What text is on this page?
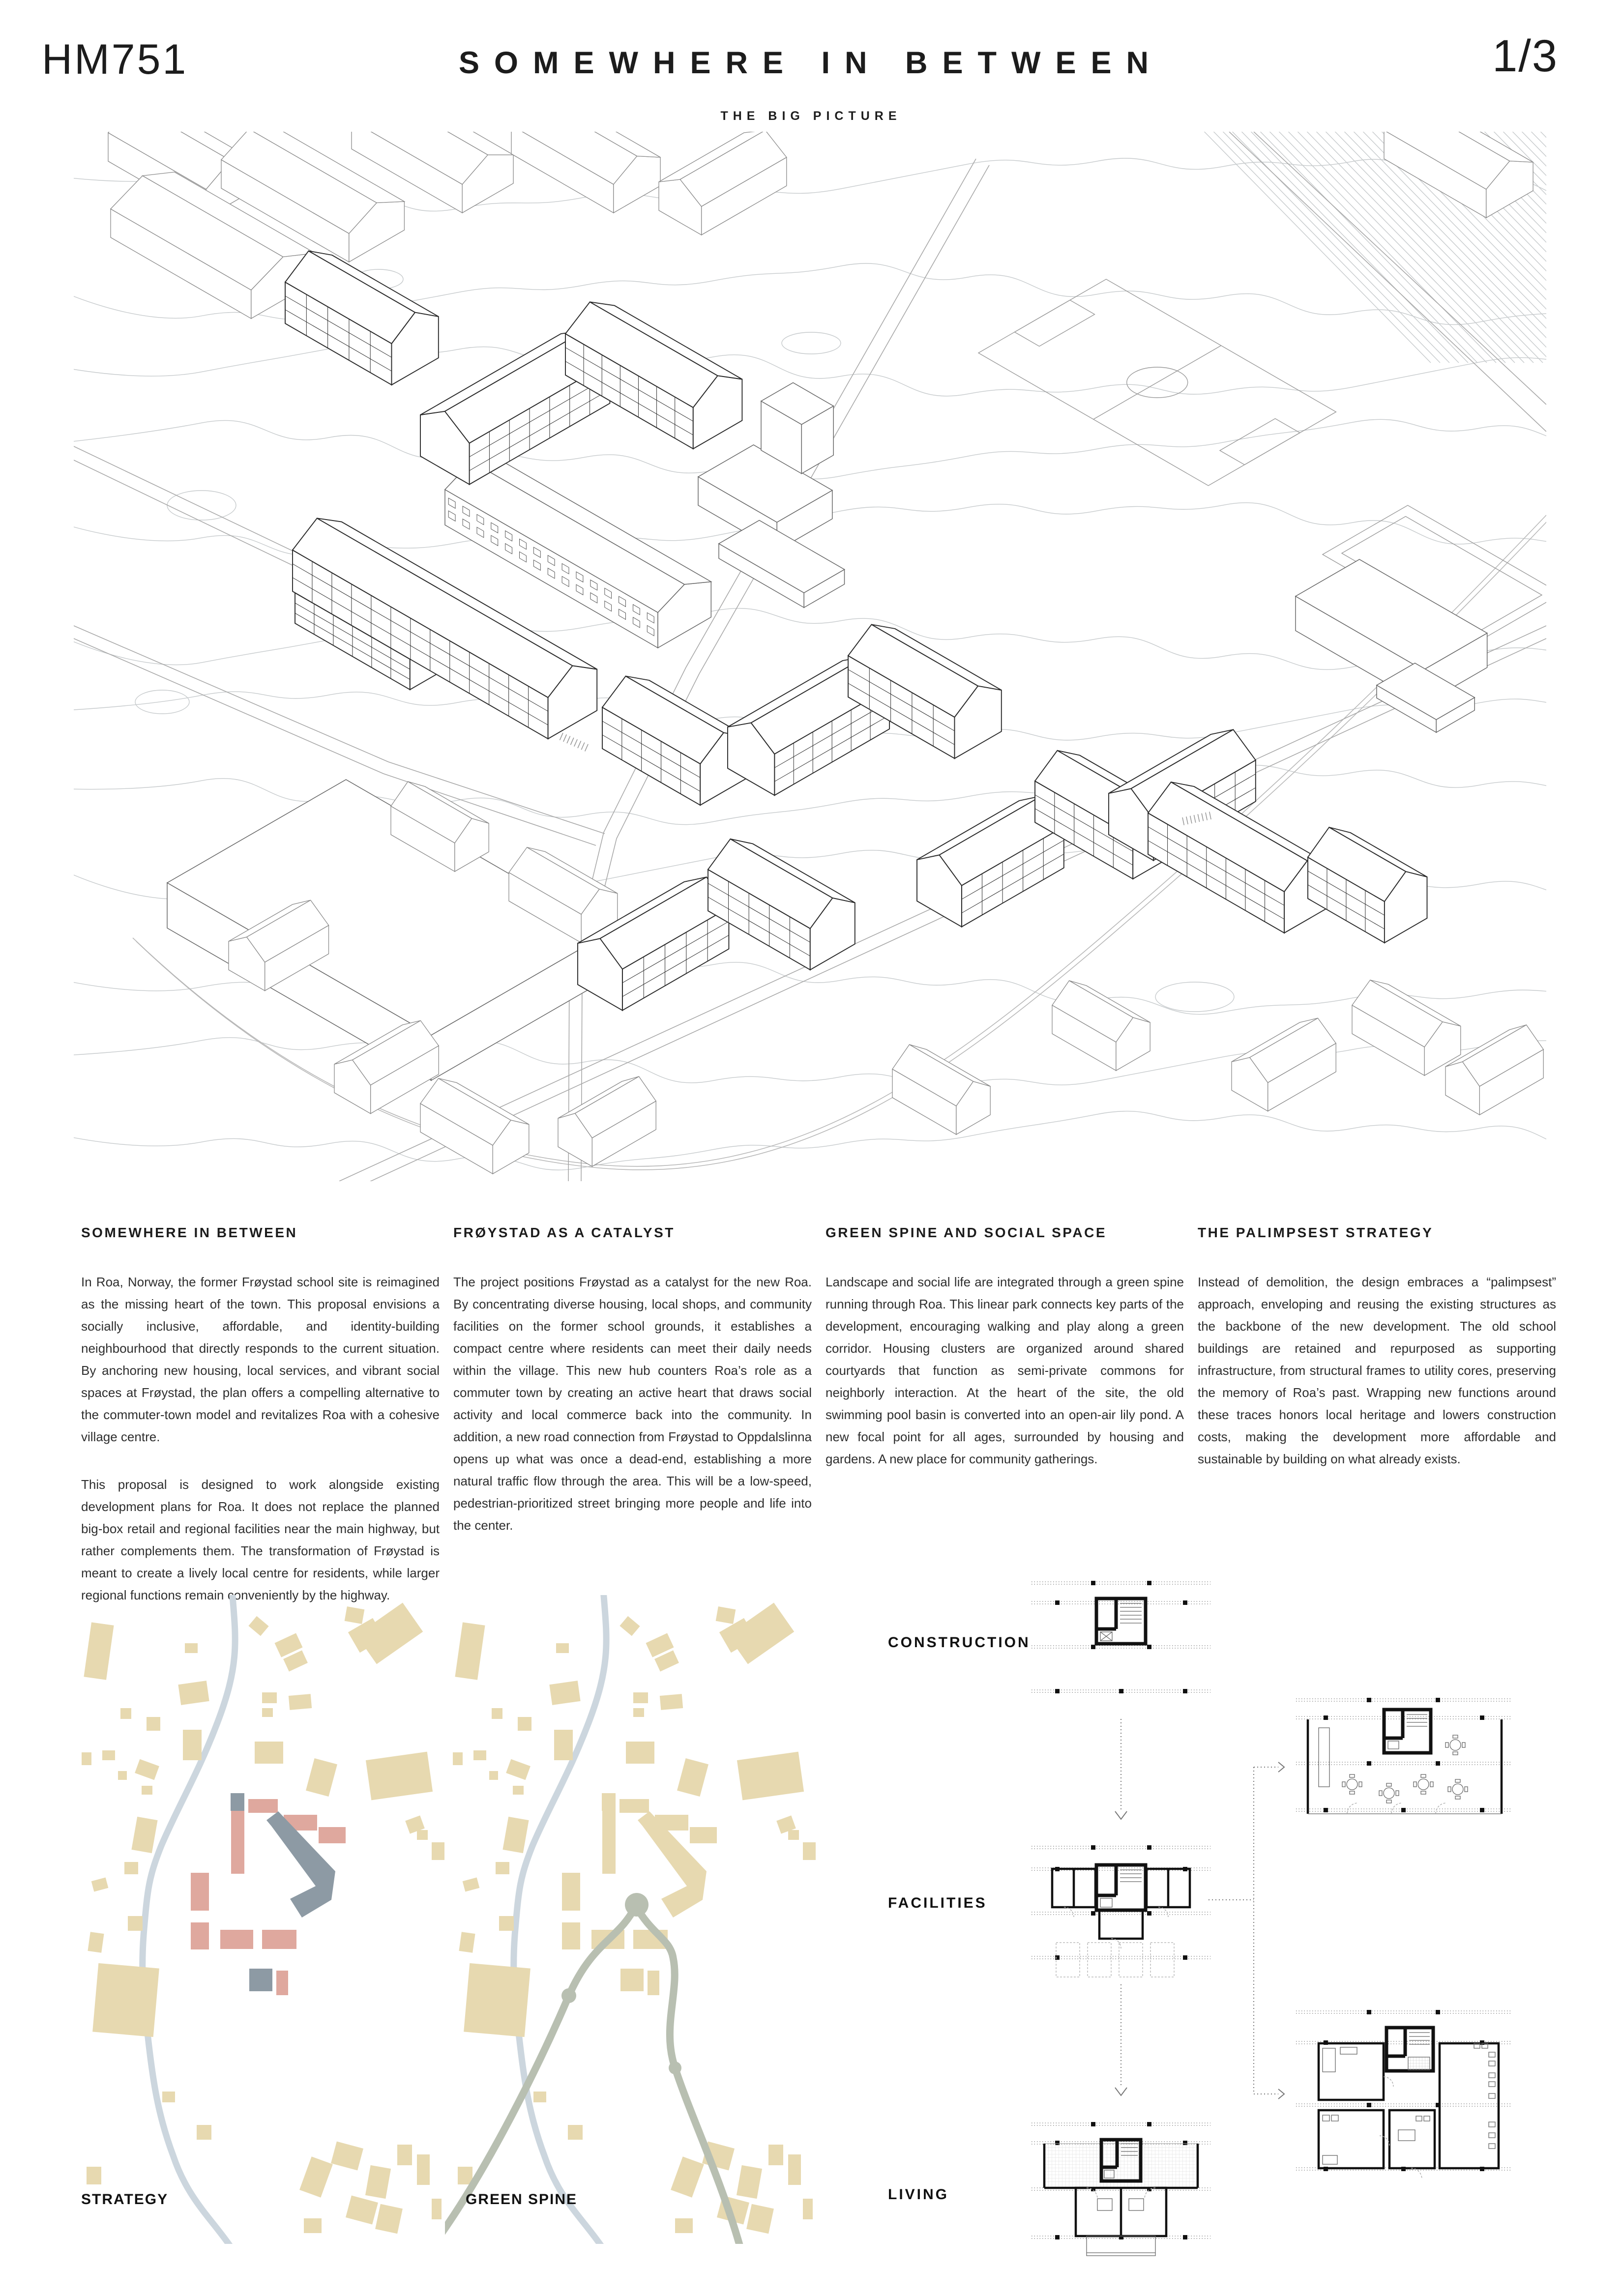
HM751	SOMEWHERE IN BETWEEN	1/3
THE BIG PICTURE
SOMEWHERE IN BETWEEN

In Roa, Norway, the former Frøystad school site is reimagined as the missing heart of the town. This proposal envisions a socially inclusive, affordable, and identity-building neighbourhood that directly responds to the current situation. By anchoring new housing, local services, and vibrant social spaces at Frøystad, the plan offers a compelling alternative to the commuter-town model and revitalizes Roa with a cohesive village centre.

This proposal is designed to work alongside existing development plans for Roa. It does not replace the planned big-box retail and regional facilities near the main highway, but rather complements them. The transformation of Frøystad is meant to create a lively local centre for residents, while larger regional functions remain conveniently by the highway.

FRØYSTAD AS A CATALYST

The project positions Frøystad as a catalyst for the new Roa. By concentrating diverse housing, local shops, and community facilities on the former school grounds, it establishes a compact centre where residents can meet their daily needs within the village. This new hub counters Roa’s role as a commuter town by creating an active heart that draws social activity and local commerce back into the community. In addition, a new road connection from Frøystad to Oppdalslinna opens up what was once a dead-end, establishing a more natural traffic flow through the area. This will be a low-speed, pedestrian-prioritized street bringing more people and life into the center.

GREEN SPINE AND SOCIAL SPACE

Landscape and social life are integrated through a green spine running through Roa. This linear park connects key parts of the development, encouraging walking and play along a green corridor. Housing clusters are organized around shared courtyards that function as semi-private commons for neighborly interaction. At the heart of the site, the old swimming pool basin is converted into an open-air lily pond. A new focal point for all ages, surrounded by housing and gardens. A new place for community gatherings.

THE PALIMPSEST STRATEGY

Instead of demolition, the design embraces a “palimpsest” approach, enveloping and reusing the existing structures as the backbone of the new development. The old school buildings are retained and repurposed as supporting infrastructure, from structural frames to utility cores, preserving the memory of Roa’s past. Wrapping new functions around these traces honors local heritage and lowers construction costs, making the development more affordable and sustainable by building on what already exists.

STRATEGY	GREEN SPINE
CONSTRUCTION
FACILITIES
LIVING
